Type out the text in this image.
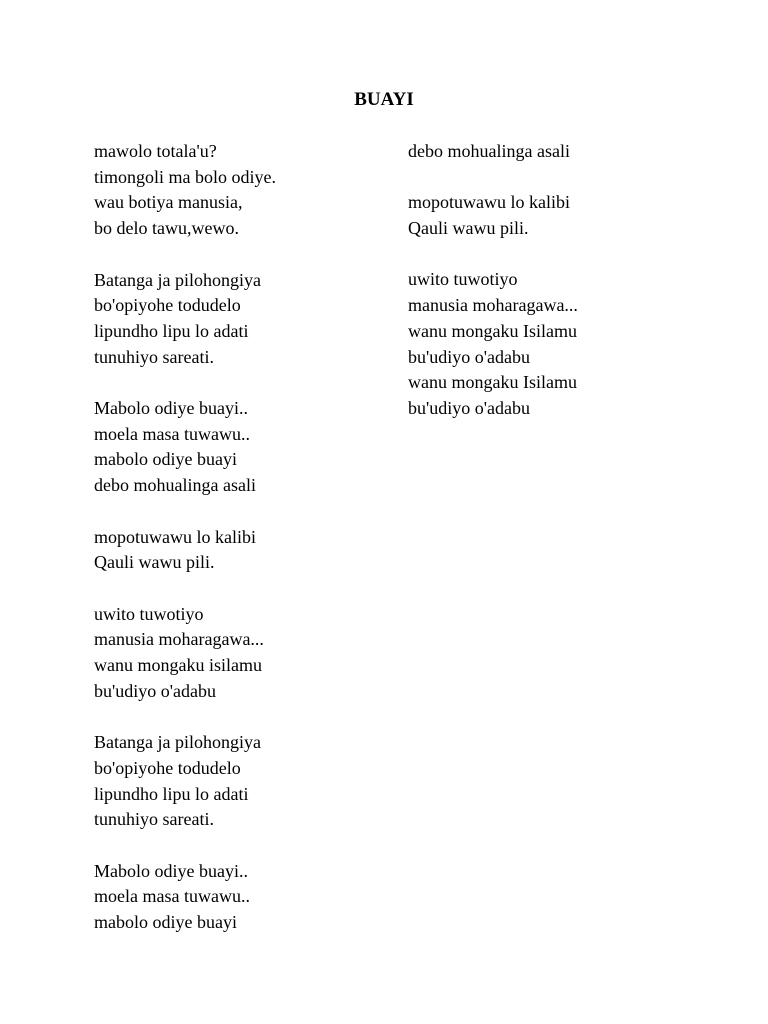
BUAYI
mawolo totala'u?
timongoli ma bolo odiye.
wau botiya manusia,
bo delo tawu,wewo.
Batanga ja pilohongiya
bo'opiyohe todudelo
lipundho lipu lo adati
tunuhiyo sareati.
Mabolo odiye buayi..
moela masa tuwawu..
mabolo odiye buayi
debo mohualinga asali
mopotuwawu lo kalibi
Qauli wawu pili.
uwito tuwotiyo
manusia moharagawa...
wanu mongaku isilamu
bu'udiyo o'adabu
Batanga ja pilohongiya
bo'opiyohe todudelo
lipundho lipu lo adati
tunuhiyo sareati.
Mabolo odiye buayi..
moela masa tuwawu..
mabolo odiye buayi
debo mohualinga asali
mopotuwawu lo kalibi
Qauli wawu pili.
uwito tuwotiyo
manusia moharagawa...
wanu mongaku Isilamu
bu'udiyo o'adabu
wanu mongaku Isilamu
bu'udiyo o'adabu
